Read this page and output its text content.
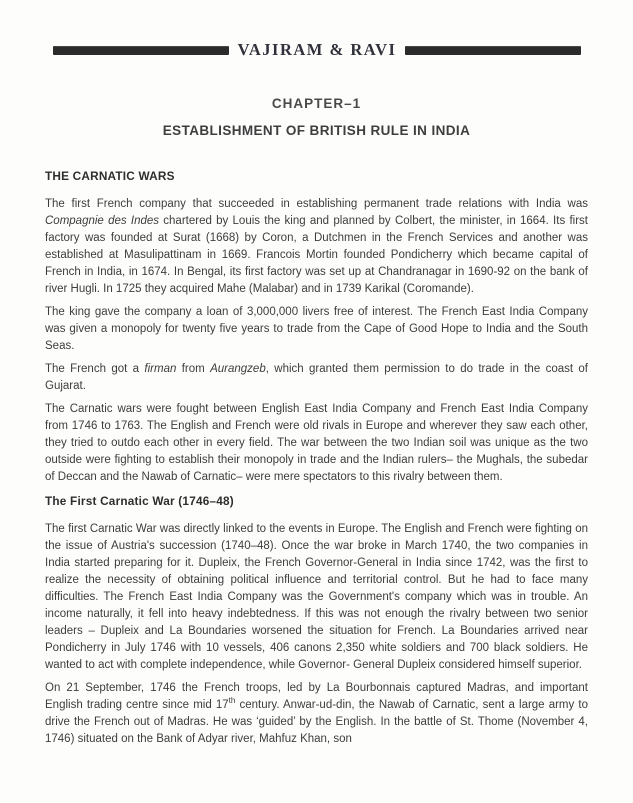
VAJIRAM & RAVI
CHAPTER–1
ESTABLISHMENT OF BRITISH RULE IN INDIA
THE CARNATIC WARS

The first French company that succeeded in establishing permanent trade relations with India was Compagnie des Indes chartered by Louis the king and planned by Colbert, the minister, in 1664. Its first factory was founded at Surat (1668) by Coron, a Dutchmen in the French Services and another was established at Masulipattinam in 1669. Francois Mortin founded Pondicherry which became capital of French in India, in 1674. In Bengal, its first factory was set up at Chandranagar in 1690-92 on the bank of river Hugli. In 1725 they acquired Mahe (Malabar) and in 1739 Karikal (Coromande).

The king gave the company a loan of 3,000,000 livers free of interest. The French East India Company was given a monopoly for twenty five years to trade from the Cape of Good Hope to India and the South Seas.

The French got a firman from Aurangzeb, which granted them permission to do trade in the coast of Gujarat.

The Carnatic wars were fought between English East India Company and French East India Company from 1746 to 1763. The English and French were old rivals in Europe and wherever they saw each other, they tried to outdo each other in every field. The war between the two Indian soil was unique as the two outside were fighting to establish their monopoly in trade and the Indian rulers– the Mughals, the subedar of Deccan and the Nawab of Carnatic– were mere spectators to this rivalry between them.

The First Carnatic War (1746–48)

The first Carnatic War was directly linked to the events in Europe. The English and French were fighting on the issue of Austria's succession (1740–48). Once the war broke in March 1740, the two companies in India started preparing for it. Dupleix, the French Governor-General in India since 1742, was the first to realize the necessity of obtaining political influence and territorial control. But he had to face many difficulties. The French East India Company was the Government's company which was in trouble. An income naturally, it fell into heavy indebtedness. If this was not enough the rivalry between two senior leaders – Dupleix and La Boundaries worsened the situation for French. La Boundaries arrived near Pondicherry in July 1746 with 10 vessels, 406 canons 2,350 white soldiers and 700 black soldiers. He wanted to act with complete independence, while Governor- General Dupleix considered himself superior.

On 21 September, 1746 the French troops, led by La Bourbonnais captured Madras, and important English trading centre since mid 17th century. Anwar-ud-din, the Nawab of Carnatic, sent a large army to drive the French out of Madras. He was ‘guided’ by the English. In the battle of St. Thome (November 4, 1746) situated on the Bank of Adyar river, Mahfuz Khan, son
